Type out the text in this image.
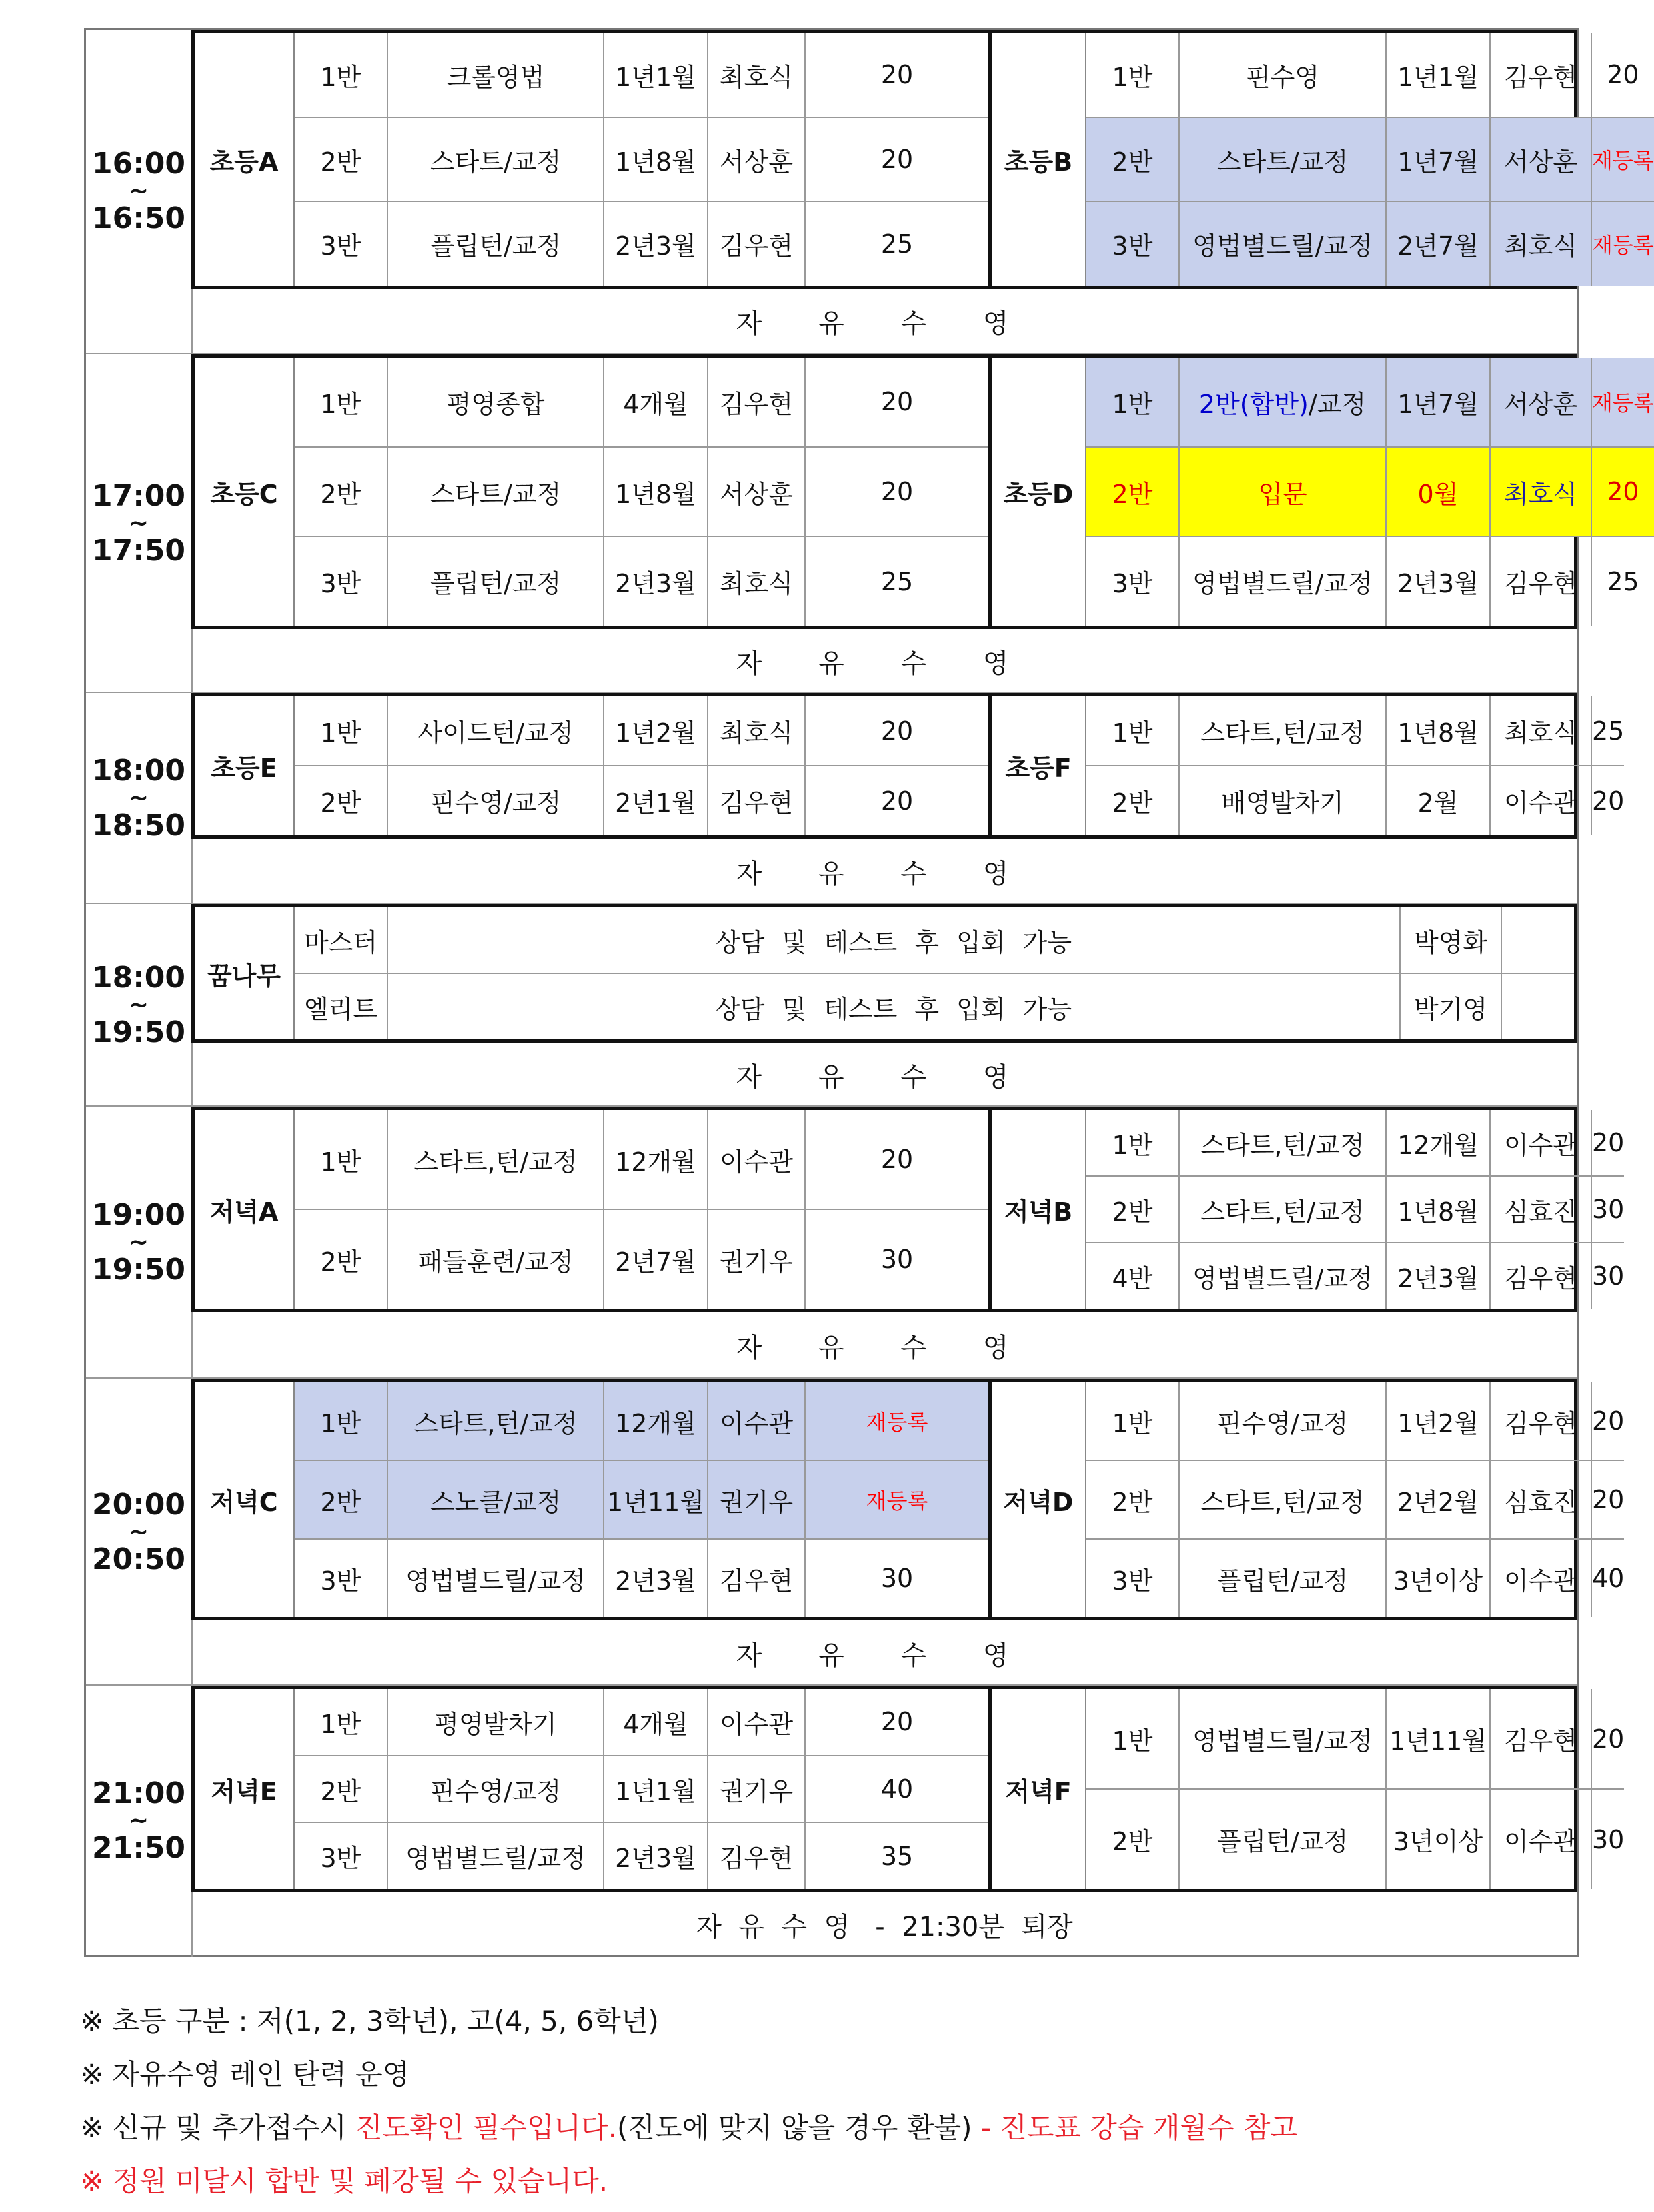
16:00
~
16:50
초등A
1반	크롤영법	1년1월 최호식	20
2반	스타트/교정	1년8월 서상훈	20
3반	플립턴/교정	2년3월 김우현	25
초등B
1반	핀수영	1년1월	김우현	20
2반	스타트/교정	1년7월	서상훈 재등록
3반	영법별드릴/교정 2년7월	최호식 재등록
자 유 수 영
17:00
~
17:50
초등C
1반	평영종합	4개월	김우현	20
2반	스타트/교정	1년8월 서상훈	20
3반	플립턴/교정	2년3월 최호식	25
초등D
1반	2반(합반) /교정	1년7월	서상훈 재등록
2반	입문	0월	최호식	20
3반	영법별드릴/교정 2년3월	김우현	25
자 유 수 영
18:00
~
18:50
초등E
1반	사이드턴/교정	1년2월 최호식	20
2반	핀수영/교정	2년1월 김우현	20
초등F
1반	스타트,턴/교정	1년8월	최호식 25
2반	배영발차기	2월	이수관 20
자 유 수 영
18:00
~
19:50
꿈나무
마스터	상담 및 테스트 후 입회 가능	박영화
엘리트	상담 및 테스트 후 입회 가능	박기영
자 유 수 영
19:00
~
19:50
저녁A
1반	스타트,턴/교정	12개월 이수관	20
2반	패들훈련/교정	2년7월 권기우	30
저녁B
1반	스타트,턴/교정	12개월	이수관 20
2반	스타트,턴/교정	1년8월	심효진 30
4반	영법별드릴/교정 2년3월	김우현 30
자 유 수 영
20:00
~
20:50
저녁C
1반	스타트,턴/교정	12개월 이수관	재등록
2반	스노클/교정	1년11월 권기우	재등록
3반	영법별드릴/교정	2년3월 김우현	30
저녁D
1반	핀수영/교정	1년2월	김우현 20
2반	스타트,턴/교정	2년2월	심효진 20
3반	플립턴/교정	3년이상 이수관 40
자 유 수 영
21:00
~
21:50
저녁E
1반	평영발차기	4개월	이수관	20
2반	핀수영/교정	1년1월 권기우	40
3반	영법별드릴/교정	2년3월 김우현	35
저녁F
1반	영법별드릴/교정 1년11월 김우현 20
2반	플립턴/교정	3년이상 이수관 30
자  유  수  영   -  21:30분  퇴장
※ 초등 구분 : 저(1, 2, 3학년), 고(4, 5, 6학년)
※ 자유수영 레인 탄력 운영
※ 신규 및 추가접수시 진도확인 필수입니다.(진도에 맞지 않을 경우 환불) - 진도표 강습 개월수 참고
※ 정원 미달시 합반 및 폐강될 수 있습니다.
